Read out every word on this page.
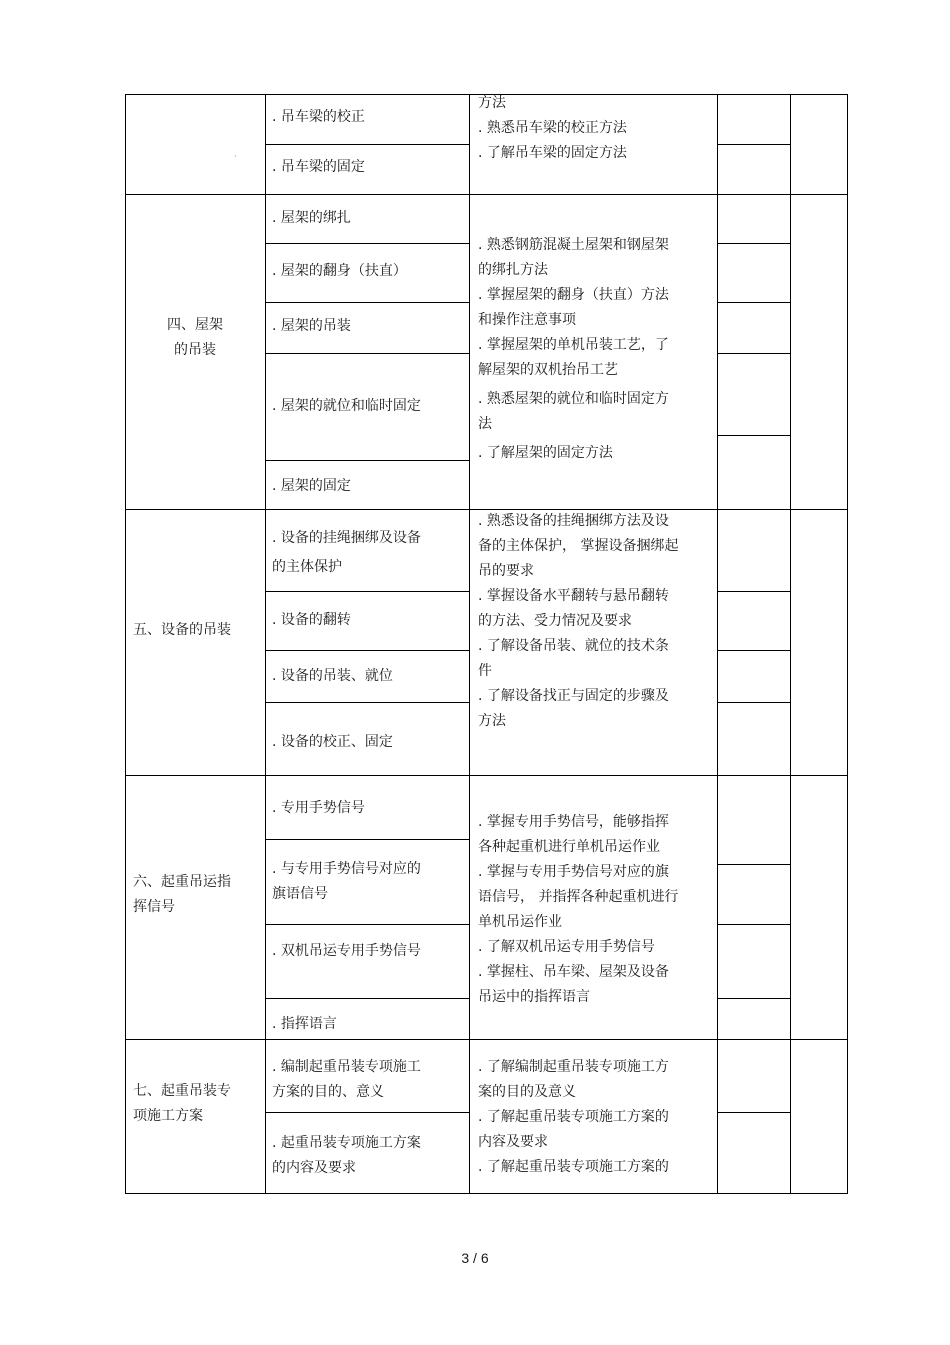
·
. 吊车梁的校正
. 吊车梁的固定
方法
. 熟悉吊车梁的校正方法
. 了解吊车梁的固定方法
四、屋架
的吊装
. 屋架的绑扎
. 屋架的翻身（扶直）
. 屋架的吊装
. 屋架的就位和临时固定
. 屋架的固定
. 熟悉钢筋混凝土屋架和钢屋架
的绑扎方法
. 掌握屋架的翻身（扶直）方法
和操作注意事项
. 掌握屋架的单机吊装工艺，了
解屋架的双机抬吊工艺
. 熟悉屋架的就位和临时固定方
法
. 了解屋架的固定方法
五、设备的吊装
. 设备的挂绳捆绑及设备
的主体保护
. 设备的翻转
. 设备的吊装、就位
. 设备的校正、固定
. 熟悉设备的挂绳捆绑方法及设
备的主体保护， 掌握设备捆绑起
吊的要求
. 掌握设备水平翻转与悬吊翻转
的方法、受力情况及要求
. 了解设备吊装、就位的技术条
件
. 了解设备找正与固定的步骤及
方法
六、起重吊运指
挥信号
. 专用手势信号
. 与专用手势信号对应的
旗语信号
. 双机吊运专用手势信号
. 指挥语言
. 掌握专用手势信号，能够指挥
各种起重机进行单机吊运作业
. 掌握与专用手势信号对应的旗
语信号， 并指挥各种起重机进行
单机吊运作业
. 了解双机吊运专用手势信号
. 掌握柱、吊车梁、屋架及设备
吊运中的指挥语言
七、起重吊装专
项施工方案
. 编制起重吊装专项施工
方案的目的、意义
. 起重吊装专项施工方案
的内容及要求
. 了解编制起重吊装专项施工方
案的目的及意义
. 了解起重吊装专项施工方案的
内容及要求
. 了解起重吊装专项施工方案的
3 / 6
